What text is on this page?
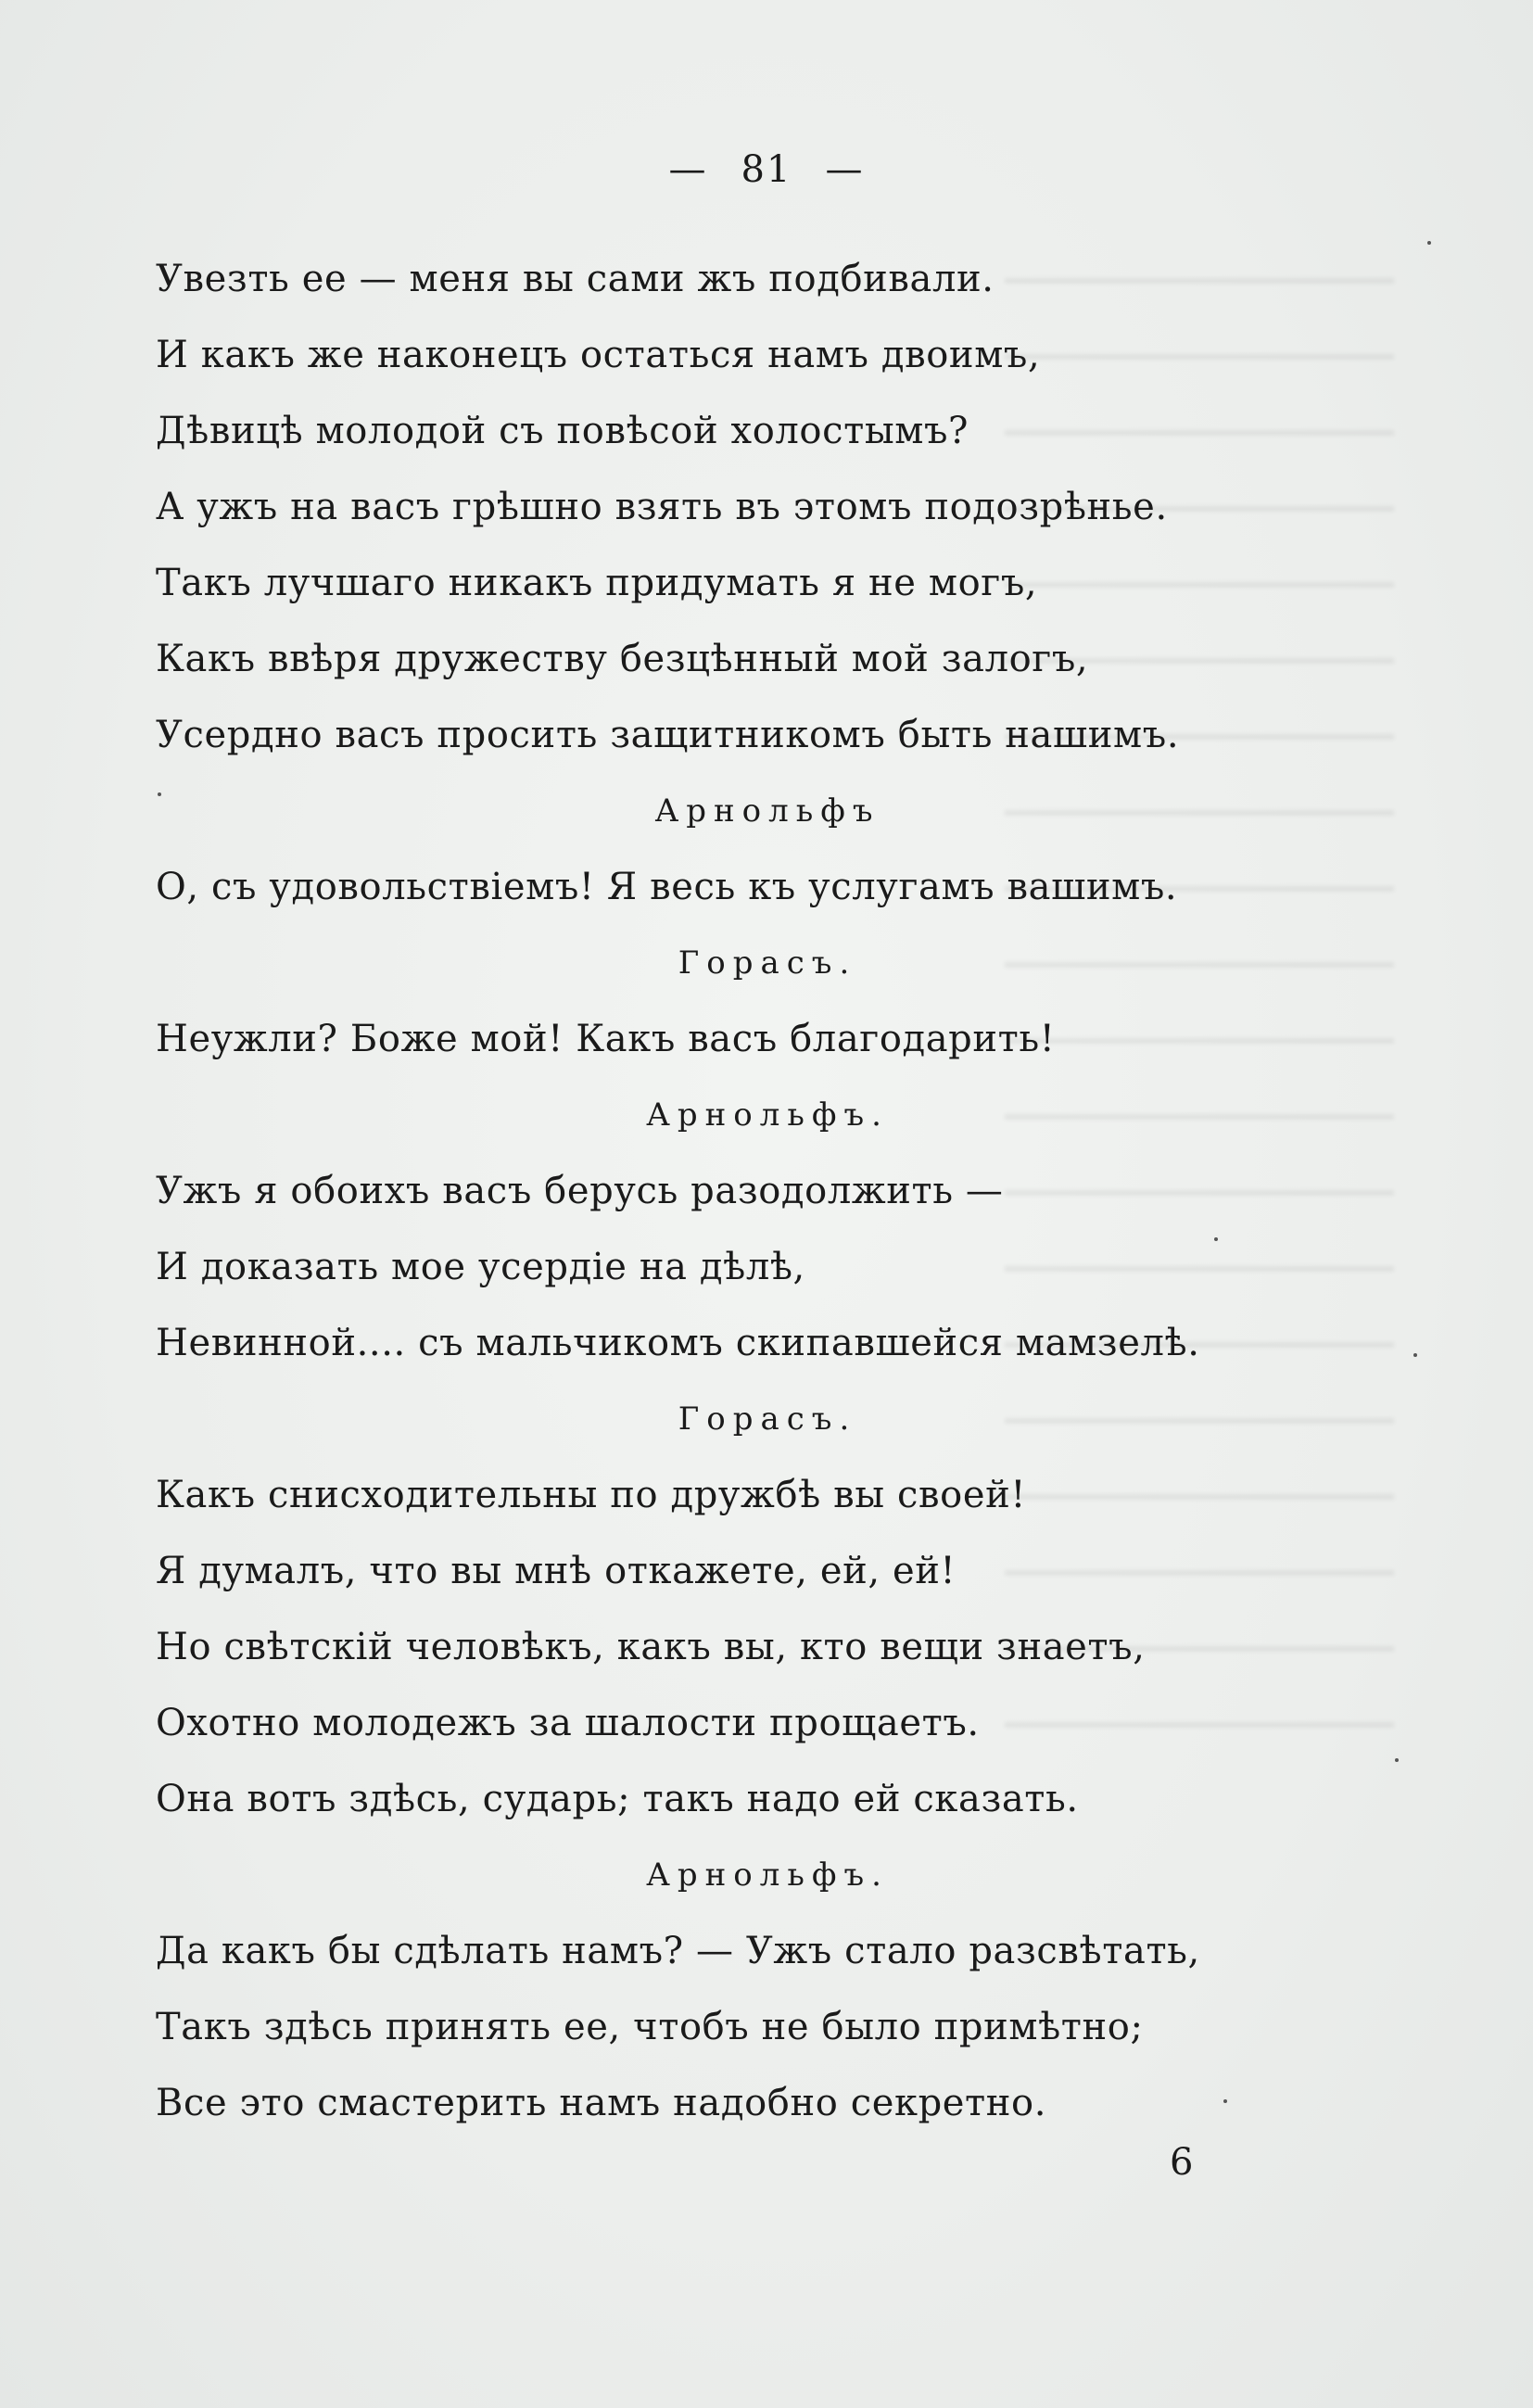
— 81 —
Увезть ее — меня вы сами жъ подбивали.
И какъ же наконецъ остаться намъ двоимъ,
Дѣвицѣ молодой съ повѣсой холостымъ?
А ужъ на васъ грѣшно взять въ этомъ подозрѣнье.
Такъ лучшаго никакъ придумать я не могъ,
Какъ ввѣря дружеству безцѣнный мой залогъ,
Усердно васъ просить защитникомъ быть нашимъ.
Арнольфъ
О, съ удовольствіемъ! Я весь къ услугамъ вашимъ.
Горасъ.
Неужли? Боже мой! Какъ васъ благодарить!
Арнольфъ.
Ужъ я обоихъ васъ берусь разодолжить —
И доказать мое усердіе на дѣлѣ,
Невинной.... съ мальчикомъ скипавшейся мамзелѣ.
Горасъ.
Какъ снисходительны по дружбѣ вы своей!
Я думалъ, что вы мнѣ откажете, ей, ей!
Но свѣтскій человѣкъ, какъ вы, кто вещи знаетъ,
Охотно молодежъ за шалости прощаетъ.
Она вотъ здѣсь, сударь; такъ надо ей сказать.
Арнольфъ.
Да какъ бы сдѣлать намъ? — Ужъ стало разсвѣтать,
Такъ здѣсь принять ее, чтобъ не было примѣтно;
Все это смастерить намъ надобно секретно.
6
